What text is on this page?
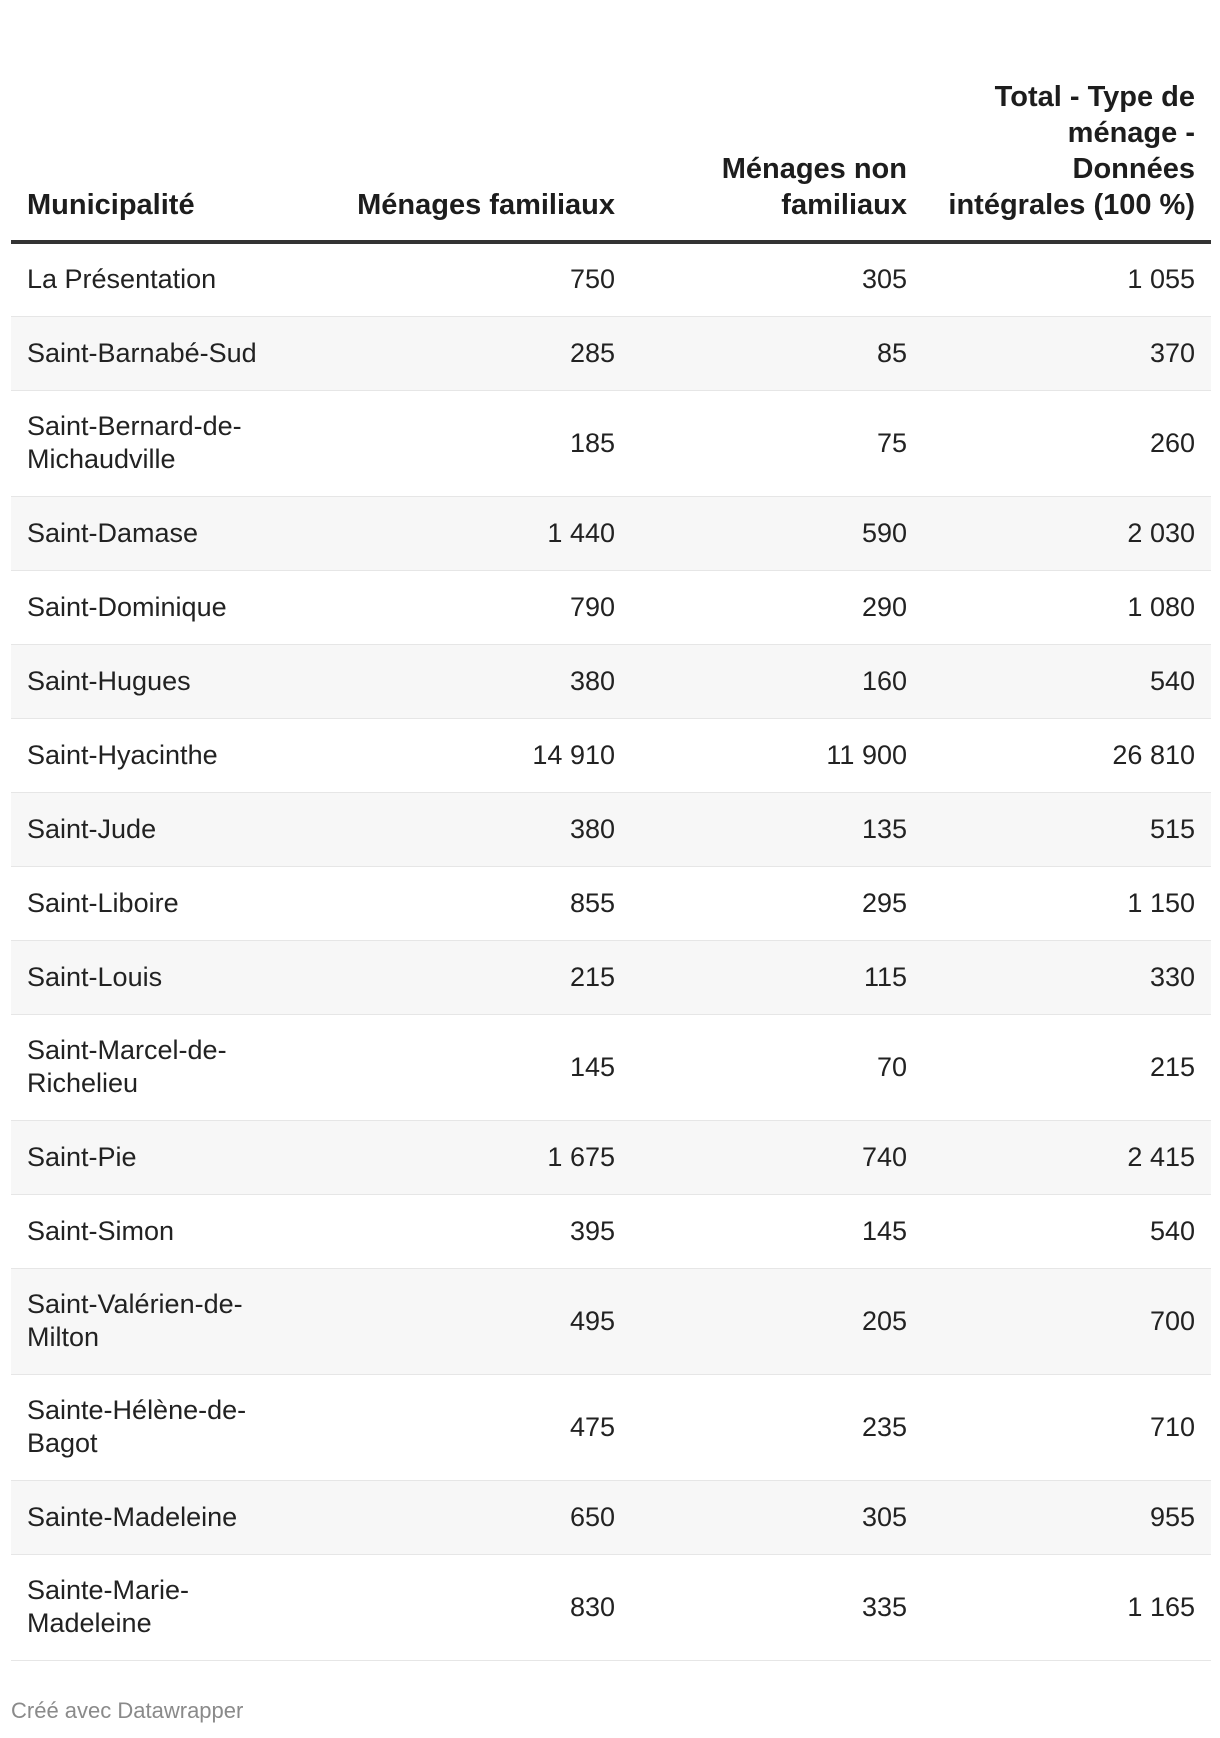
Municipalité	Ménages familiaux	Ménages non familiaux	Total - Type de ménage - Données intégrales (100 %)
La Présentation	750	305	1 055
Saint-Barnabé-Sud	285	85	370
Saint-Bernard-de-Michaudville	185	75	260
Saint-Damase	1 440	590	2 030
Saint-Dominique	790	290	1 080
Saint-Hugues	380	160	540
Saint-Hyacinthe	14 910	11 900	26 810
Saint-Jude	380	135	515
Saint-Liboire	855	295	1 150
Saint-Louis	215	115	330
Saint-Marcel-de-Richelieu	145	70	215
Saint-Pie	1 675	740	2 415
Saint-Simon	395	145	540
Saint-Valérien-de-Milton	495	205	700
Sainte-Hélène-de-Bagot	475	235	710
Sainte-Madeleine	650	305	955
Sainte-Marie-Madeleine	830	335	1 165
Créé avec Datawrapper
